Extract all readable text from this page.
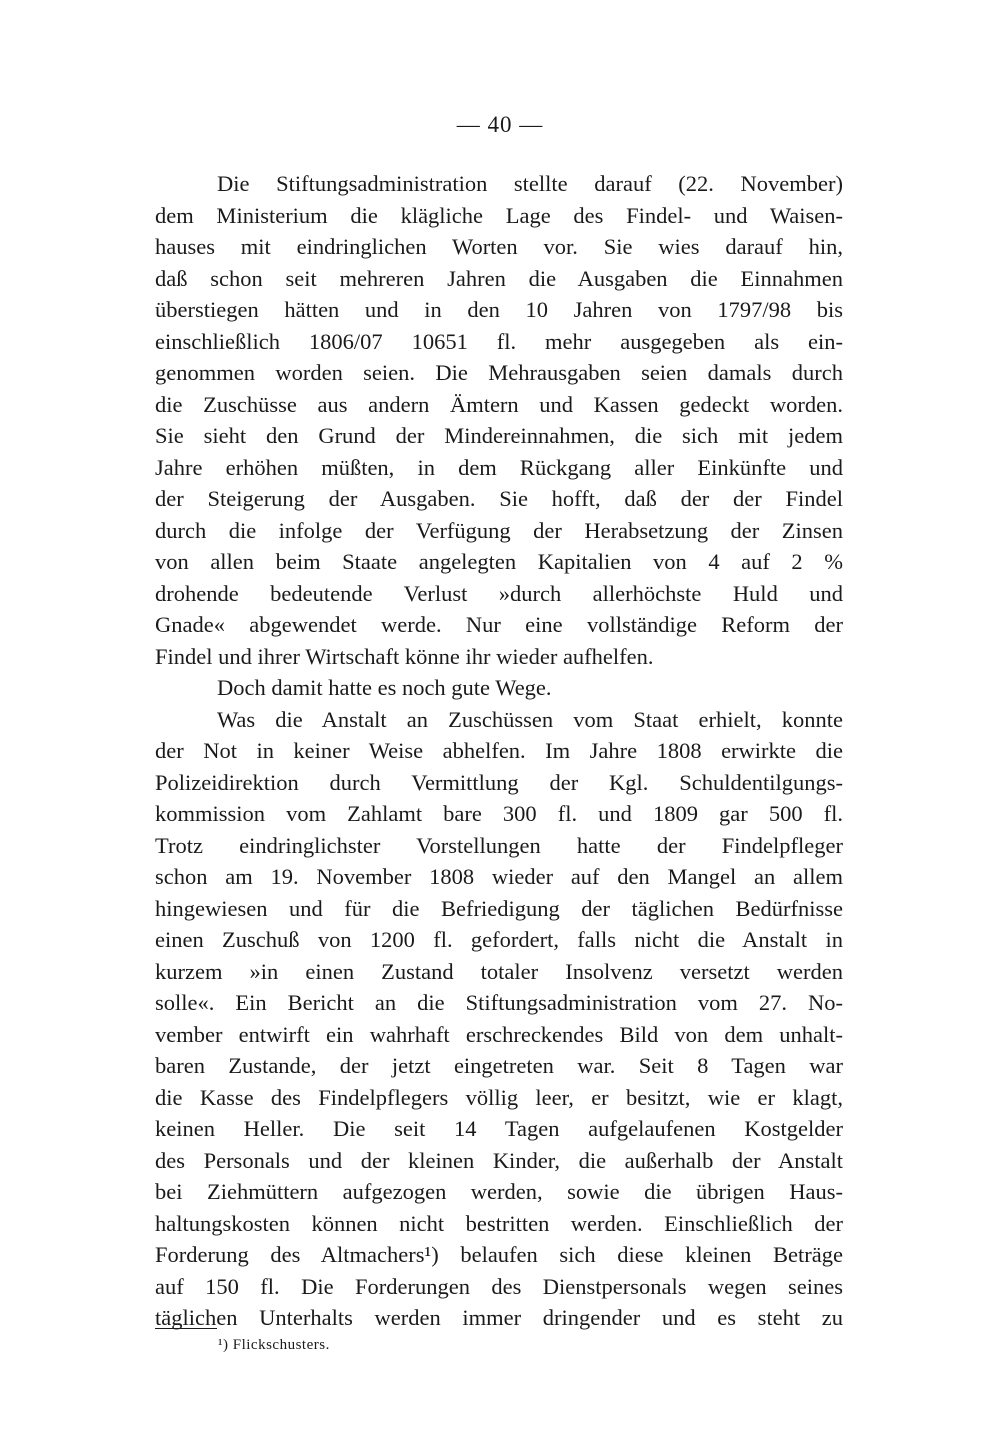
— 40 —
Die Stiftungsadministration stellte darauf (22. November)
dem Ministerium die klägliche Lage des Findel- und Waisen-
hauses mit eindringlichen Worten vor. Sie wies darauf hin,
daß schon seit mehreren Jahren die Ausgaben die Einnahmen
überstiegen hätten und in den 10 Jahren von 1797/98 bis
einschließlich 1806/07 10651 fl. mehr ausgegeben als ein-
genommen worden seien. Die Mehrausgaben seien damals durch
die Zuschüsse aus andern Ämtern und Kassen gedeckt worden.
Sie sieht den Grund der Mindereinnahmen, die sich mit jedem
Jahre erhöhen müßten, in dem Rückgang aller Einkünfte und
der Steigerung der Ausgaben. Sie hofft, daß der der Findel
durch die infolge der Verfügung der Herabsetzung der Zinsen
von allen beim Staate angelegten Kapitalien von 4 auf 2 %
drohende bedeutende Verlust »durch allerhöchste Huld und
Gnade« abgewendet werde. Nur eine vollständige Reform der
Findel und ihrer Wirtschaft könne ihr wieder aufhelfen.
Doch damit hatte es noch gute Wege.
Was die Anstalt an Zuschüssen vom Staat erhielt, konnte
der Not in keiner Weise abhelfen. Im Jahre 1808 erwirkte die
Polizeidirektion durch Vermittlung der Kgl. Schuldentilgungs-
kommission vom Zahlamt bare 300 fl. und 1809 gar 500 fl.
Trotz eindringlichster Vorstellungen hatte der Findelpfleger
schon am 19. November 1808 wieder auf den Mangel an allem
hingewiesen und für die Befriedigung der täglichen Bedürfnisse
einen Zuschuß von 1200 fl. gefordert, falls nicht die Anstalt in
kurzem »in einen Zustand totaler Insolvenz versetzt werden
solle«. Ein Bericht an die Stiftungsadministration vom 27. No-
vember entwirft ein wahrhaft erschreckendes Bild von dem unhalt-
baren Zustande, der jetzt eingetreten war. Seit 8 Tagen war
die Kasse des Findelpflegers völlig leer, er besitzt, wie er klagt,
keinen Heller. Die seit 14 Tagen aufgelaufenen Kostgelder
des Personals und der kleinen Kinder, die außerhalb der Anstalt
bei Ziehmüttern aufgezogen werden, sowie die übrigen Haus-
haltungskosten können nicht bestritten werden. Einschließlich der
Forderung des Altmachers¹) belaufen sich diese kleinen Beträge
auf 150 fl. Die Forderungen des Dienstpersonals wegen seines
täglichen Unterhalts werden immer dringender und es steht zu
¹) Flickschusters.
